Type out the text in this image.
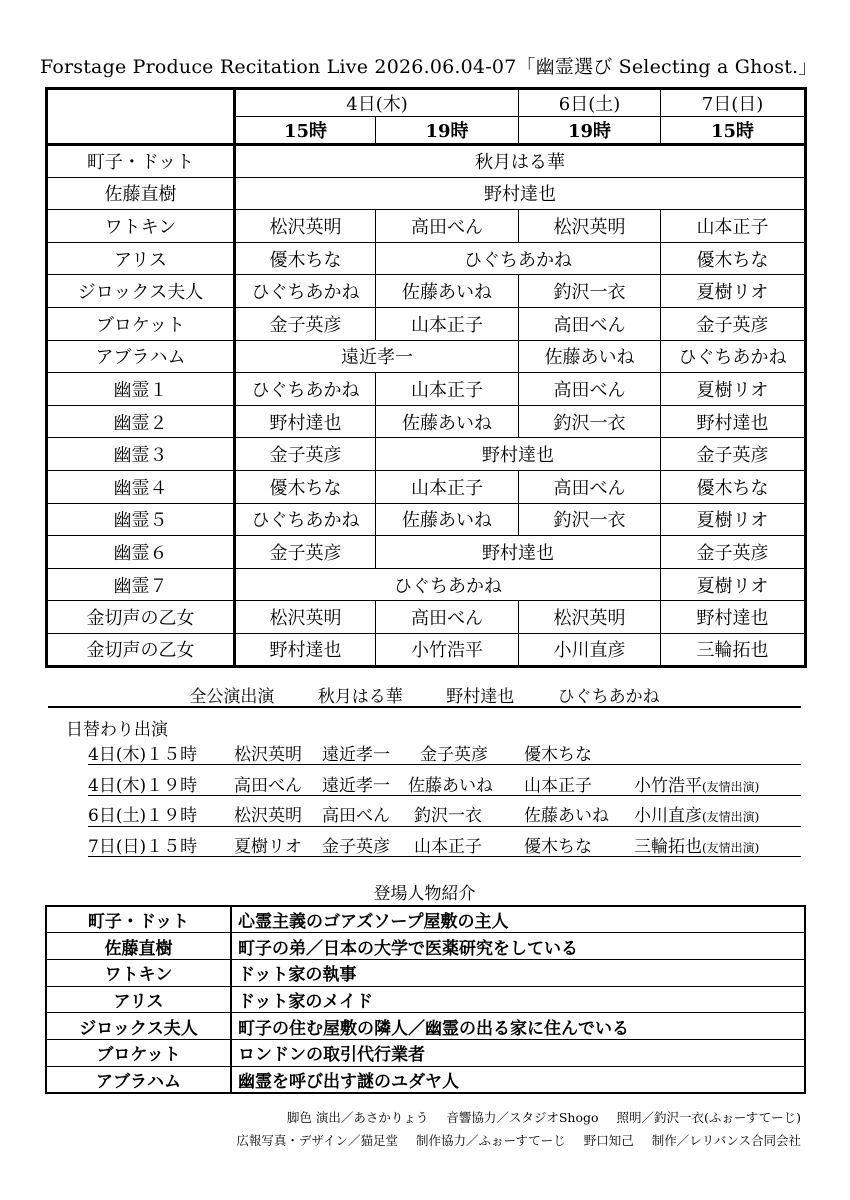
Forstage Produce Recitation Live 2026.06.04-07「幽霊選び Selecting a Ghost.」
	4日(木)		6日(土)	7日(日)
	15時	19時	19時	15時
町子・ドット	秋月はる華			
佐藤直樹	野村達也			
ワトキン	松沢英明	高田べん	松沢英明	山本正子
アリス	優木ちな	ひぐちあかね		優木ちな
ジロックス夫人	ひぐちあかね	佐藤あいね	釣沢一衣	夏樹リオ
ブロケット	金子英彦	山本正子	高田べん	金子英彦
アブラハム	遠近孝一		佐藤あいね	ひぐちあかね
幽霊１	ひぐちあかね	山本正子	高田べん	夏樹リオ
幽霊２	野村達也	佐藤あいね	釣沢一衣	野村達也
幽霊３	金子英彦	野村達也		金子英彦
幽霊４	優木ちな	山本正子	高田べん	優木ちな
幽霊５	ひぐちあかね	佐藤あいね	釣沢一衣	夏樹リオ
幽霊６	金子英彦	野村達也		金子英彦
幽霊７	ひぐちあかね			夏樹リオ
金切声の乙女	松沢英明	高田べん	松沢英明	野村達也
金切声の乙女	野村達也	小竹浩平	小川直彦	三輪拓也
全公演出演	秋月はる華	野村達也	ひぐちあかね
日替わり出演
4日(木)１５時 松沢英明 遠近孝一 金子英彦 優木ちな
4日(木)１９時 高田べん 遠近孝一 佐藤あいね 山本正子 小竹浩平(友情出演)
6日(土)１９時 松沢英明 高田べん 釣沢一衣 佐藤あいね 小川直彦(友情出演)
7日(日)１５時 夏樹リオ 金子英彦 山本正子 優木ちな 三輪拓也(友情出演)
登場人物紹介
町子・ドット	心霊主義のゴアズソープ屋敷の主人
佐藤直樹	町子の弟／日本の大学で医薬研究をしている
ワトキン	ドット家の執事
アリス	ドット家のメイド
ジロックス夫人	町子の住む屋敷の隣人／幽霊の出る家に住んでいる
ブロケット	ロンドンの取引代行業者
アブラハム	幽霊を呼び出す謎のユダヤ人
脚色 演出／あさかりょう 音響協力／スタジオShogo 照明／釣沢一衣(ふぉーすてーじ)
広報写真・デザイン／猫足堂 制作協力／ふぉーすてーじ 野口知己 制作／レリバンス合同会社
